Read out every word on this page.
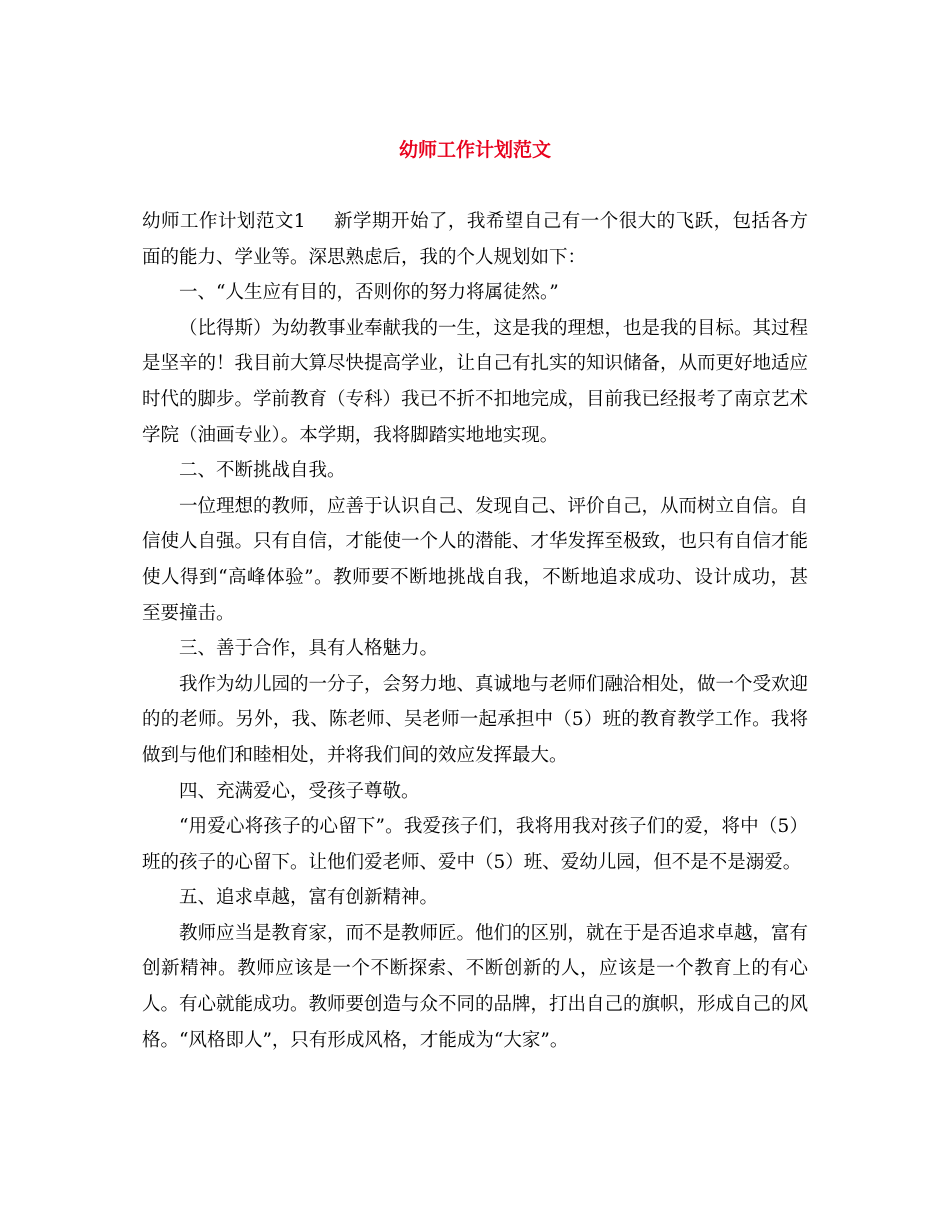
幼师工作计划范文

幼师工作计划范文1 新学期开始了，我希望自己有一个很大的飞跃，包括各方面的能力、学业等。深思熟虑后，我的个人规划如下：

一、“人生应有目的，否则你的努力将属徒然。”

（比得斯）为幼教事业奉献我的一生，这是我的理想，也是我的目标。其过程是坚辛的！我目前大算尽快提高学业，让自己有扎实的知识储备，从而更好地适应时代的脚步。学前教育（专科）我已不折不扣地完成，目前我已经报考了南京艺术学院（油画专业）。本学期，我将脚踏实地地实现。

二、不断挑战自我。

一位理想的教师，应善于认识自己、发现自己、评价自己，从而树立自信。自信使人自强。只有自信，才能使一个人的潜能、才华发挥至极致，也只有自信才能使人得到“高峰体验”。教师要不断地挑战自我，不断地追求成功、设计成功，甚至要撞击。

三、善于合作，具有人格魅力。

我作为幼儿园的一分子，会努力地、真诚地与老师们融洽相处，做一个受欢迎的的老师。另外，我、陈老师、吴老师一起承担中（5）班的教育教学工作。我将做到与他们和睦相处，并将我们间的效应发挥最大。

四、充满爱心，受孩子尊敬。

“用爱心将孩子的心留下”。我爱孩子们，我将用我对孩子们的爱，将中（5）班的孩子的心留下。让他们爱老师、爱中（5）班、爱幼儿园，但不是不是溺爱。

五、追求卓越，富有创新精神。

教师应当是教育家，而不是教师匠。他们的区别，就在于是否追求卓越，富有创新精神。教师应该是一个不断探索、不断创新的人，应该是一个教育上的有心人。有心就能成功。教师要创造与众不同的品牌，打出自己的旗帜，形成自己的风格。“风格即人”，只有形成风格，才能成为“大家”。
